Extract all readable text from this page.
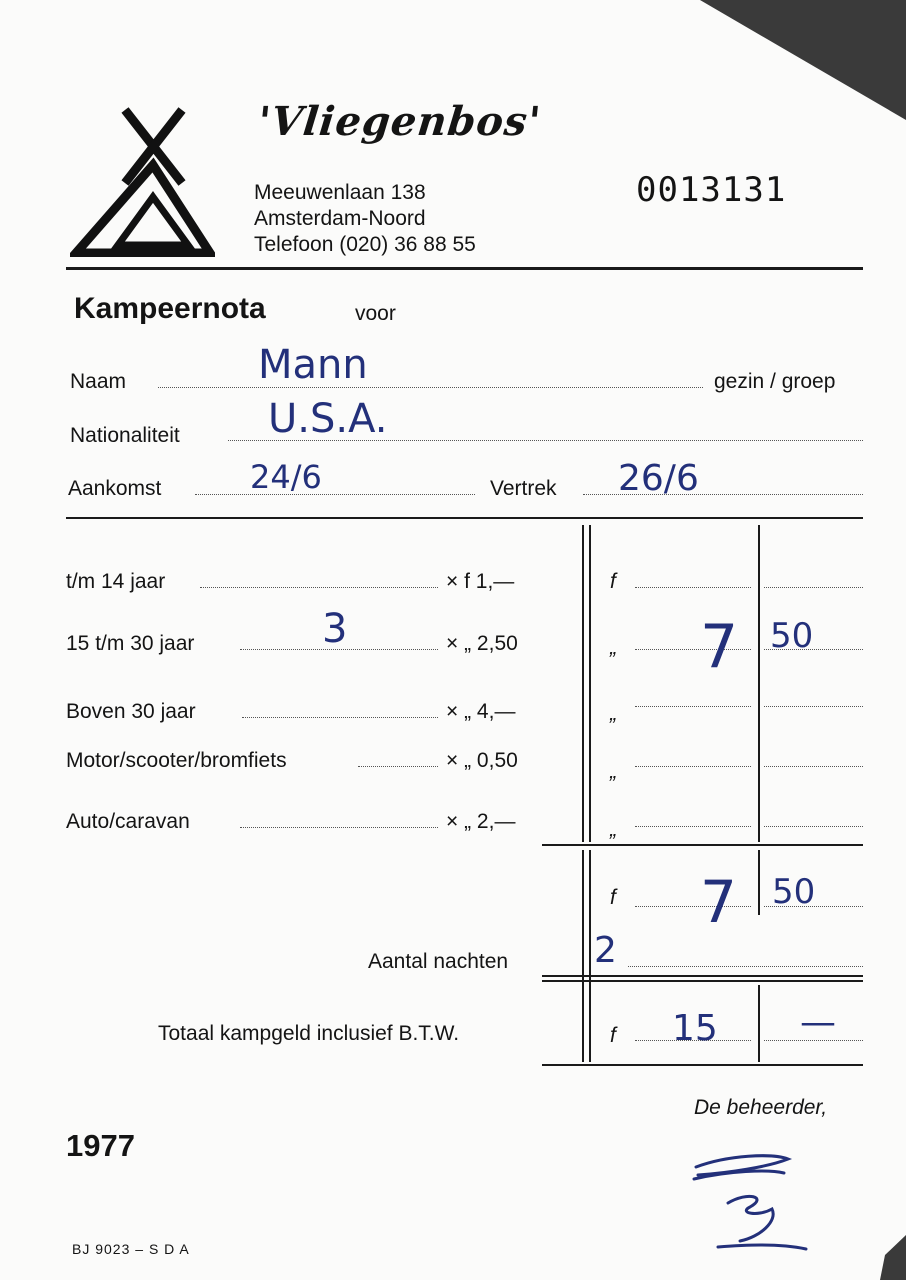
'Vliegenbos'
Meeuwenlaan 138
Amsterdam-Noord
Telefoon (020) 36 88 55
0013131
Kampeernota	voor
Naam	Mann	gezin / groep
Nationaliteit U.S.A.
Aankomst	24/6	Vertrek 26/6
t/m 14 jaar	× f 1,—	f
15 t/m 30 jaar	3	× „ 2,50	„ 7 50
Boven 30 jaar	× „ 4,—	„
Motor/scooter/bromfiets	× „ 0,50	„
Auto/caravan	× „ 2,—	„
f 7 50
Aantal nachten 2
Totaal kampgeld inclusief B.T.W.	f 15 —
De beheerder,
1977
BJ 9023 – S D A
